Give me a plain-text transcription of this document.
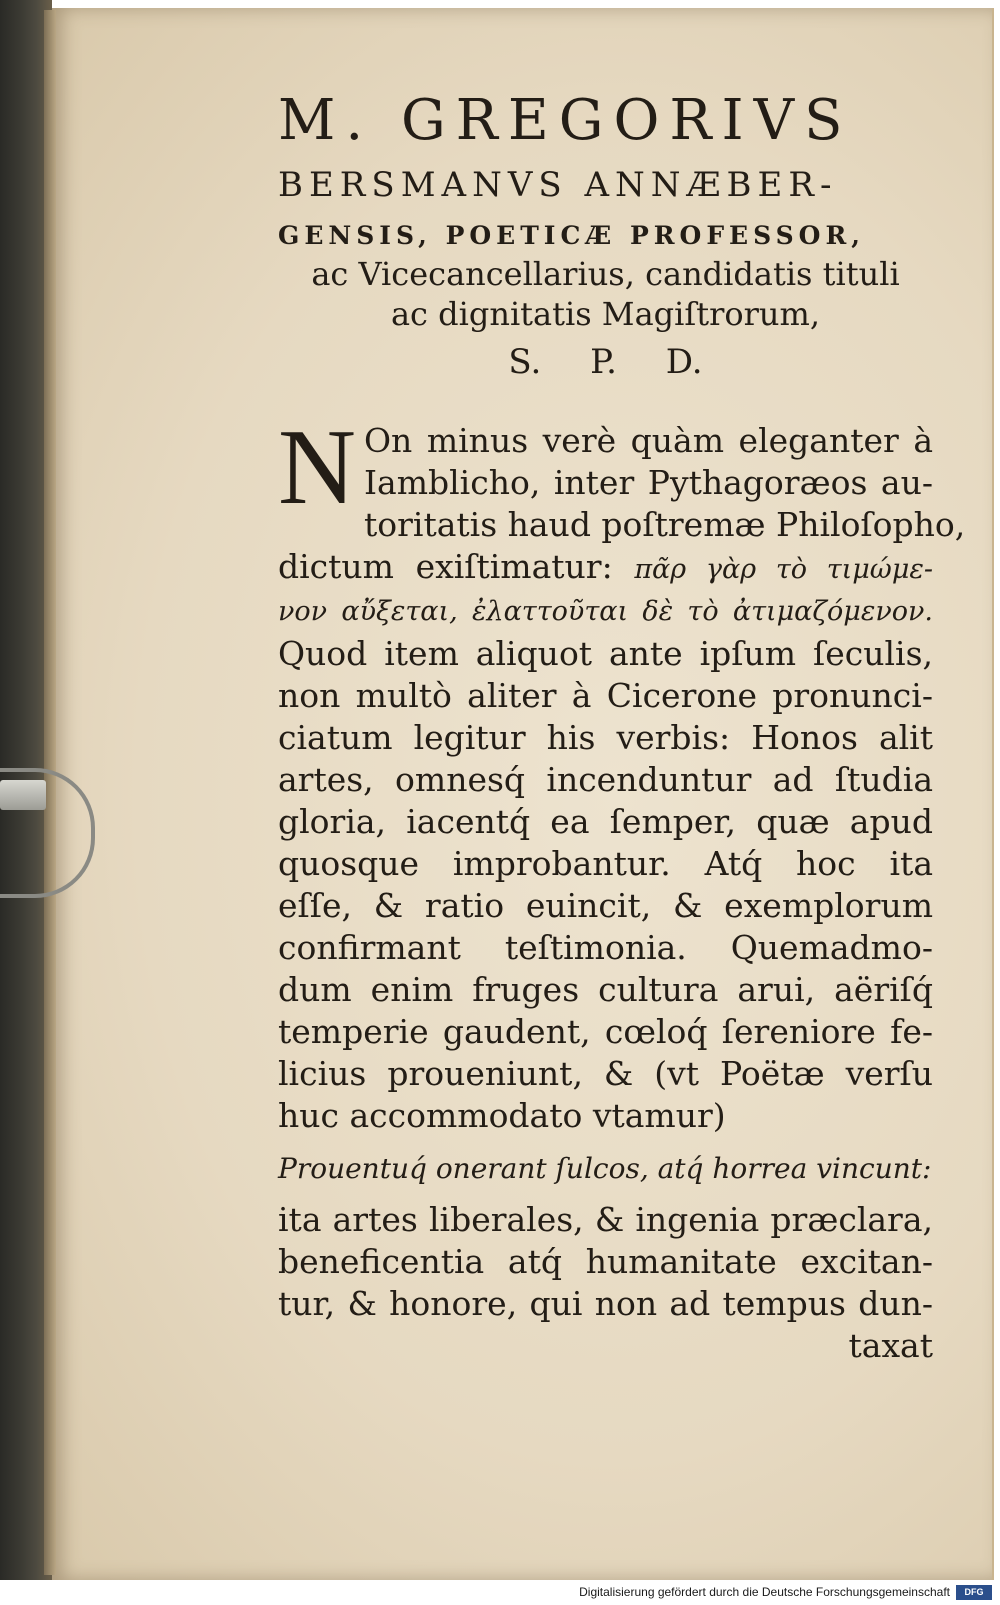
M. GREGORIVS

BERSMANVS ANNÆBER-

GENSIS, POETICÆ PROFESSOR,

ac Vicecancellarius, candidatis tituli

ac dignitatis Magiſtrorum,

S. P. D.

N On minus verè quàm eleganter à
Iamblicho, inter Pythagoræos au-
toritatis haud poſtremæ Philoſopho,
dictum exiſtimatur: πᾶρ γὰρ τὸ τιμώμε-
νον αὔξεται, ἐλαττοῦται δὲ τὸ ἀτιμαζόμενον.
Quod item aliquot ante ipſum ſeculis,
non multò aliter à Cicerone pronunci-
ciatum legitur his verbis: Honos alit
artes, omnesq́ incenduntur ad ſtudia
gloria, iacentq́ ea ſemper, quæ apud
quosque improbantur. Atq́ hoc ita
eſſe, & ratio euincit, & exemplorum
confirmant teſtimonia. Quemadmo-
dum enim fruges cultura arui, aëriſq́
temperie gaudent, cœloq́ ſereniore fe-
licius proueniunt, & (vt Poëtæ verſu
huc accommodato vtamur)
Prouentuq́ onerant ſulcos, atq́ horrea vincunt:
ita artes liberales, & ingenia præclara,
beneficentia atq́ humanitate excitan-
tur, & honore, qui non ad tempus dun-
taxat
Digitalisierung gefördert durch die Deutsche Forschungsgemeinschaft	DFG
